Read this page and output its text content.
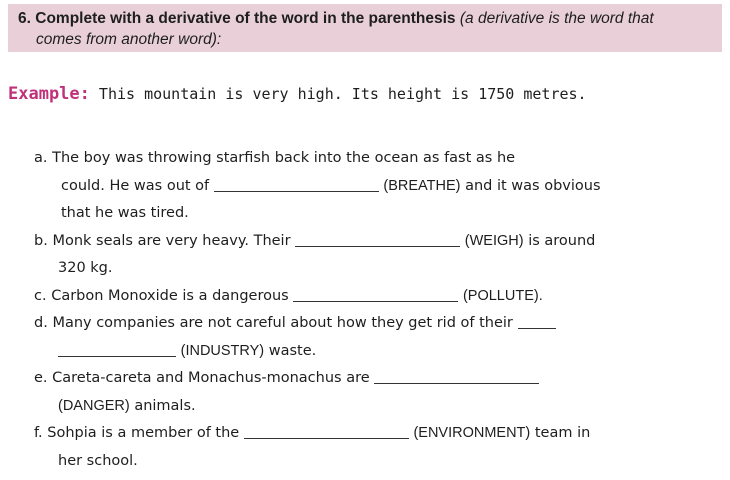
6. Complete with a derivative of the word in the parenthesis (a derivative is the word that
comes from another word):
Example: This mountain is very high. Its height is 1750 metres.
a. The boy was throwing starfish back into the ocean as fast as he
could. He was out of	(BREATHE) and it was obvious
that he was tired.
b. Monk seals are very heavy. Their	(WEIGH) is around
320 kg.
c. Carbon Monoxide is a dangerous	(POLLUTE).
d. Many companies are not careful about how they get rid of their
(INDUSTRY) waste.
e. Careta-careta and Monachus-monachus are
(DANGER) animals.
f. Sohpia is a member of the	(ENVIRONMENT) team in
her school.
